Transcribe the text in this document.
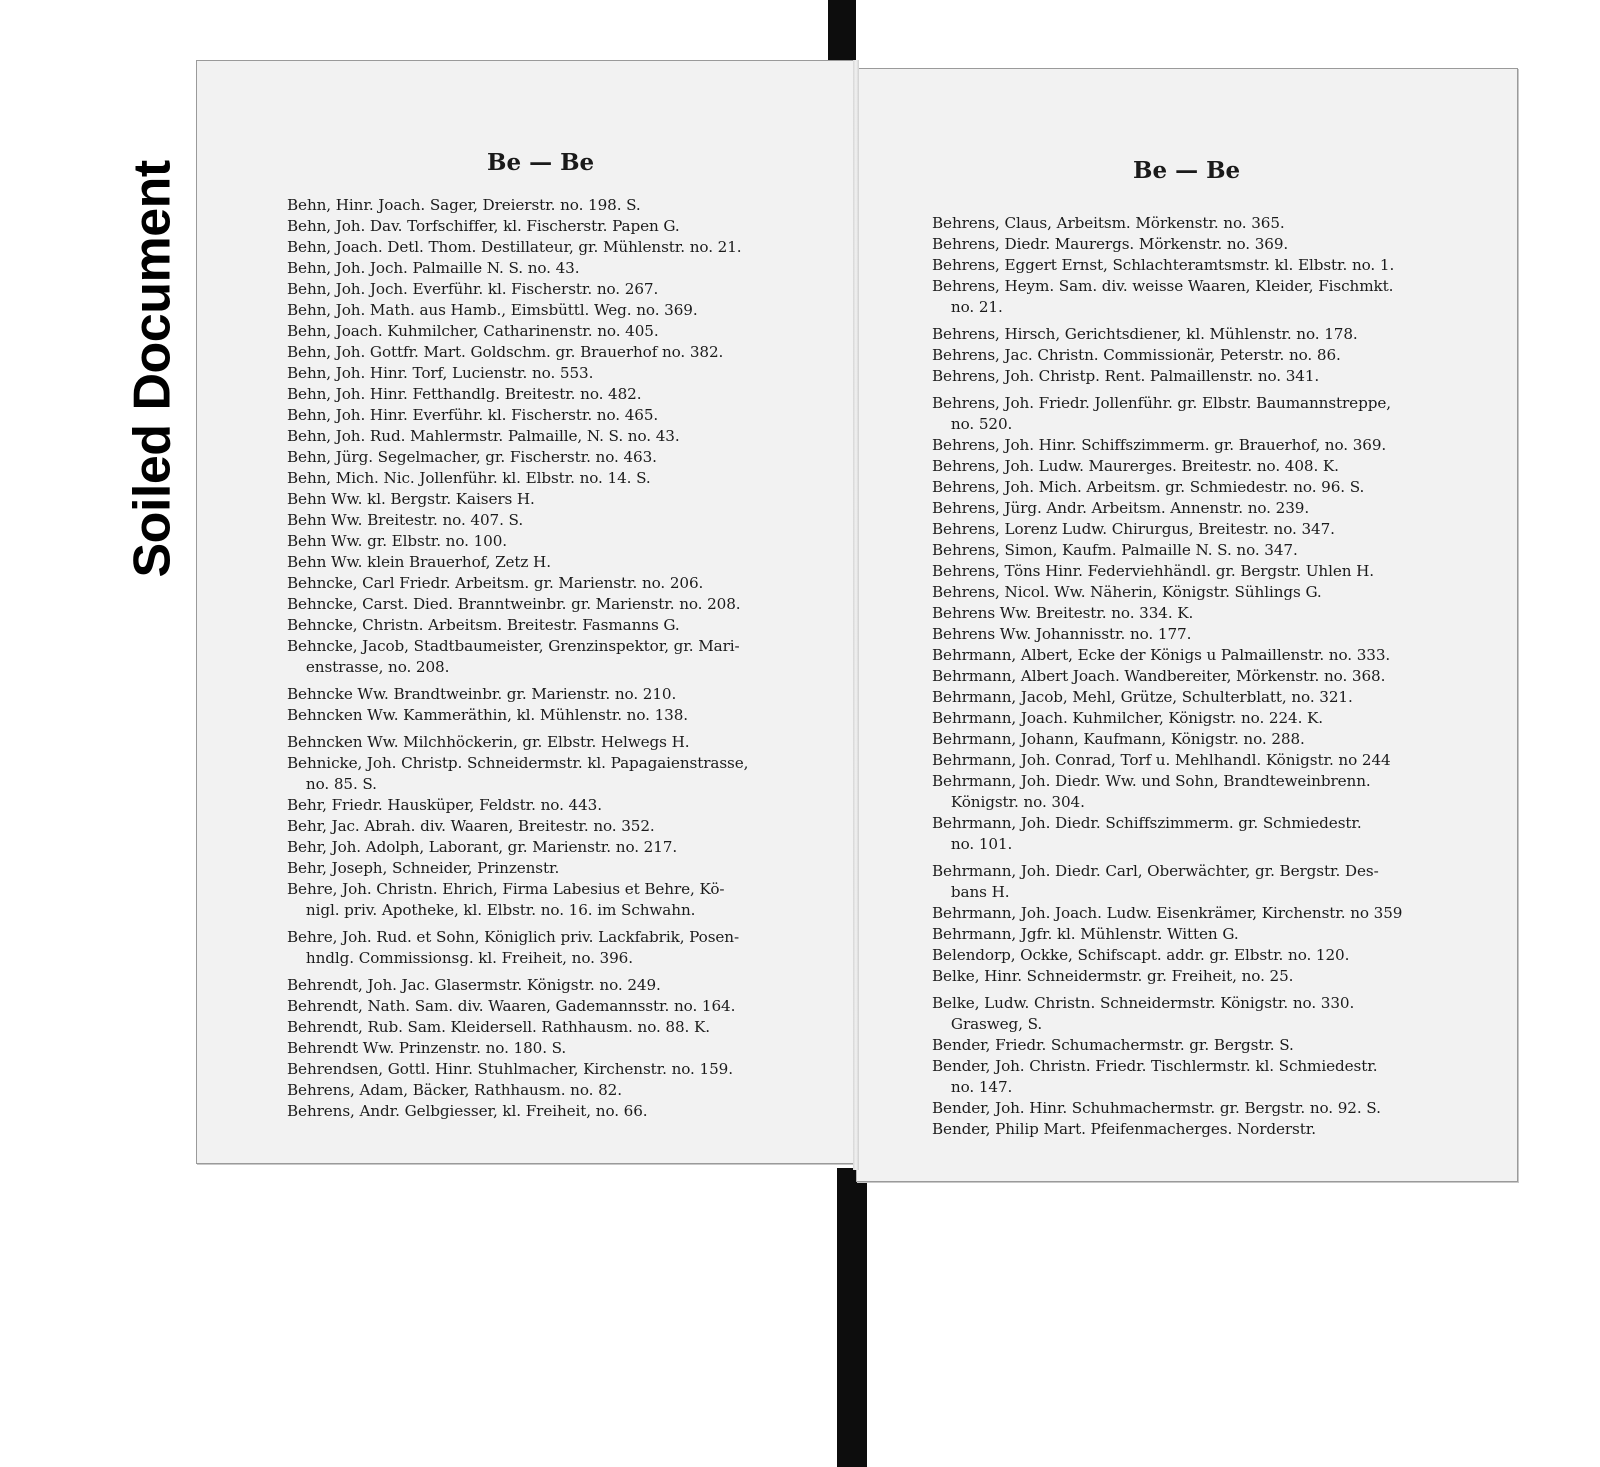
Soiled Document	Be — Be
Behn, Hinr. Joach. Sager, Dreierstr. no. 198. S.
Behn, Joh. Dav. Torfschiffer, kl. Fischerstr. Papen G.
Behn, Joach. Detl. Thom. Destillateur, gr. Mühlenstr. no. 21.
Behn, Joh. Joch. Palmaille N. S. no. 43.
Behn, Joh. Joch. Everführ. kl. Fischerstr. no. 267.
Behn, Joh. Math. aus Hamb., Eimsbüttl. Weg. no. 369.
Behn, Joach. Kuhmilcher, Catharinenstr. no. 405.
Behn, Joh. Gottfr. Mart. Goldschm. gr. Brauerhof no. 382.
Behn, Joh. Hinr. Torf, Lucienstr. no. 553.
Behn, Joh. Hinr. Fetthandlg. Breitestr. no. 482.
Behn, Joh. Hinr. Everführ. kl. Fischerstr. no. 465.
Behn, Joh. Rud. Mahlermstr. Palmaille, N. S. no. 43.
Behn, Jürg. Segelmacher, gr. Fischerstr. no. 463.
Behn, Mich. Nic. Jollenführ. kl. Elbstr. no. 14. S.
Behn Ww. kl. Bergstr. Kaisers H.
Behn Ww. Breitestr. no. 407. S.
Behn Ww. gr. Elbstr. no. 100.
Behn Ww. klein Brauerhof, Zetz H.
Behncke, Carl Friedr. Arbeitsm. gr. Marienstr. no. 206.
Behncke, Carst. Died. Branntweinbr. gr. Marienstr. no. 208.
Behncke, Christn. Arbeitsm. Breitestr. Fasmanns G.
Behncke, Jacob, Stadtbaumeister, Grenzinspektor, gr. Mari-
enstrasse, no. 208.
Behncke Ww. Brandtweinbr. gr. Marienstr. no. 210.
Behncken Ww. Kammeräthin, kl. Mühlenstr. no. 138.
Behncken Ww. Milchhöckerin, gr. Elbstr. Helwegs H.
Behnicke, Joh. Christp. Schneidermstr. kl. Papagaienstrasse,
no. 85. S.
Behr, Friedr. Hausküper, Feldstr. no. 443.
Behr, Jac. Abrah. div. Waaren, Breitestr. no. 352.
Behr, Joh. Adolph, Laborant, gr. Marienstr. no. 217.
Behr, Joseph, Schneider, Prinzenstr.
Behre, Joh. Christn. Ehrich, Firma Labesius et Behre, Kö-
nigl. priv. Apotheke, kl. Elbstr. no. 16. im Schwahn.
Behre, Joh. Rud. et Sohn, Königlich priv. Lackfabrik, Posen-
hndlg. Commissionsg. kl. Freiheit, no. 396.
Behrendt, Joh. Jac. Glasermstr. Königstr. no. 249.
Behrendt, Nath. Sam. div. Waaren, Gademannsstr. no. 164.
Behrendt, Rub. Sam. Kleidersell. Rathhausm. no. 88. K.
Behrendt Ww. Prinzenstr. no. 180. S.
Behrendsen, Gottl. Hinr. Stuhlmacher, Kirchenstr. no. 159.
Behrens, Adam, Bäcker, Rathhausm. no. 82.
Behrens, Andr. Gelbgiesser, kl. Freiheit, no. 66.
Be — Be
Behrens, Claus, Arbeitsm. Mörkenstr. no. 365.
Behrens, Diedr. Maurergs. Mörkenstr. no. 369.
Behrens, Eggert Ernst, Schlachteramtsmstr. kl. Elbstr. no. 1.
Behrens, Heym. Sam. div. weisse Waaren, Kleider, Fischmkt.
no. 21.
Behrens, Hirsch, Gerichtsdiener, kl. Mühlenstr. no. 178.
Behrens, Jac. Christn. Commissionär, Peterstr. no. 86.
Behrens, Joh. Christp. Rent. Palmaillenstr. no. 341.
Behrens, Joh. Friedr. Jollenführ. gr. Elbstr. Baumannstreppe,
no. 520.
Behrens, Joh. Hinr. Schiffszimmerm. gr. Brauerhof, no. 369.
Behrens, Joh. Ludw. Maurerges. Breitestr. no. 408. K.
Behrens, Joh. Mich. Arbeitsm. gr. Schmiedestr. no. 96. S.
Behrens, Jürg. Andr. Arbeitsm. Annenstr. no. 239.
Behrens, Lorenz Ludw. Chirurgus, Breitestr. no. 347.
Behrens, Simon, Kaufm. Palmaille N. S. no. 347.
Behrens, Töns Hinr. Federviehhändl. gr. Bergstr. Uhlen H.
Behrens, Nicol. Ww. Näherin, Königstr. Sühlings G.
Behrens Ww. Breitestr. no. 334. K.
Behrens Ww. Johannisstr. no. 177.
Behrmann, Albert, Ecke der Königs u Palmaillenstr. no. 333.
Behrmann, Albert Joach. Wandbereiter, Mörkenstr. no. 368.
Behrmann, Jacob, Mehl, Grütze, Schulterblatt, no. 321.
Behrmann, Joach. Kuhmilcher, Königstr. no. 224. K.
Behrmann, Johann, Kaufmann, Königstr. no. 288.
Behrmann, Joh. Conrad, Torf u. Mehlhandl. Königstr. no 244
Behrmann, Joh. Diedr. Ww. und Sohn, Brandteweinbrenn.
Königstr. no. 304.
Behrmann, Joh. Diedr. Schiffszimmerm. gr. Schmiedestr.
no. 101.
Behrmann, Joh. Diedr. Carl, Oberwächter, gr. Bergstr. Des-
bans H.
Behrmann, Joh. Joach. Ludw. Eisenkrämer, Kirchenstr. no 359
Behrmann, Jgfr. kl. Mühlenstr. Witten G.
Belendorp, Ockke, Schifscapt. addr. gr. Elbstr. no. 120.
Belke, Hinr. Schneidermstr. gr. Freiheit, no. 25.
Belke, Ludw. Christn. Schneidermstr. Königstr. no. 330.
Grasweg, S.
Bender, Friedr. Schumachermstr. gr. Bergstr. S.
Bender, Joh. Christn. Friedr. Tischlermstr. kl. Schmiedestr.
no. 147.
Bender, Joh. Hinr. Schuhmachermstr. gr. Bergstr. no. 92. S.
Bender, Philip Mart. Pfeifenmacherges. Norderstr.
